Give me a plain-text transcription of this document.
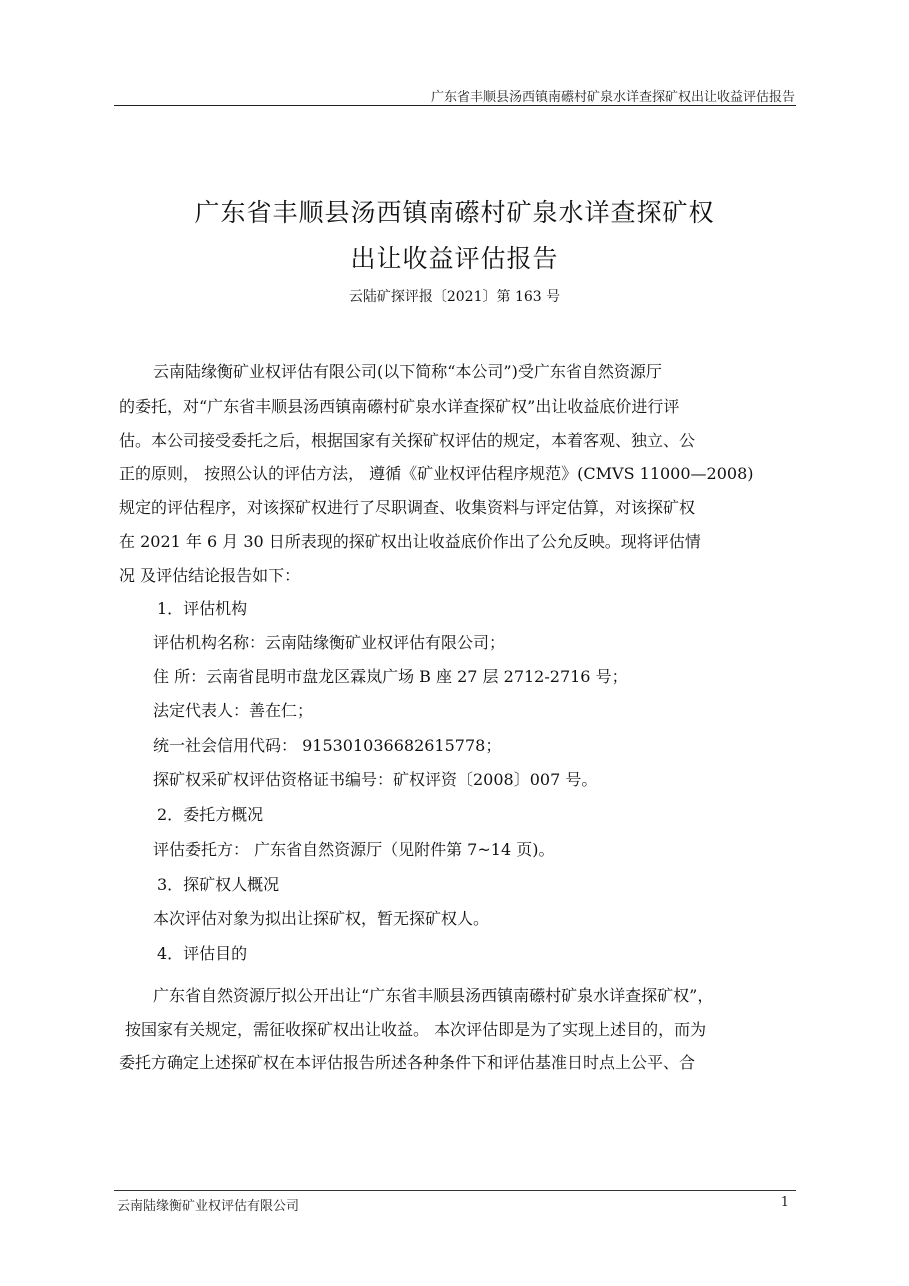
广东省丰顺县汤西镇南礤村矿泉水详查探矿权出让收益评估报告
广东省丰顺县汤西镇南礤村矿泉水详查探矿权
出让收益评估报告
云陆矿探评报〔2021〕第 163 号
云南陆缘衡矿业权评估有限公司(以下简称“本公司”)受广东省自然资源厅
的委托，对“广东省丰顺县汤西镇南礤村矿泉水详查探矿权”出让收益底价进行评
估。本公司接受委托之后，根据国家有关探矿权评估的规定，本着客观、独立、公
正的原则， 按照公认的评估方法， 遵循《矿业权评估程序规范》(CMVS 11000—2008)
规定的评估程序，对该探矿权进行了尽职调查、收集资料与评定估算，对该探矿权
在 2021 年 6 月 30 日所表现的探矿权出让收益底价作出了公允反映。现将评估情
况 及评估结论报告如下：
1．评估机构
评估机构名称：云南陆缘衡矿业权评估有限公司；
住 所：云南省昆明市盘龙区霖岚广场 B 座 27 层 2712-2716 号；
法定代表人：善在仁；
统一社会信用代码： 915301036682615778；
探矿权采矿权评估资格证书编号：矿权评资〔2008〕007 号。
2．委托方概况
评估委托方： 广东省自然资源厅（见附件第 7~14 页)。
3．探矿权人概况
本次评估对象为拟出让探矿权，暂无探矿权人。
4．评估目的
广东省自然资源厅拟公开出让“广东省丰顺县汤西镇南礤村矿泉水详查探矿权”，
按国家有关规定，需征收探矿权出让收益。 本次评估即是为了实现上述目的，而为
委托方确定上述探矿权在本评估报告所述各种条件下和评估基准日时点上公平、合
云南陆缘衡矿业权评估有限公司	1
